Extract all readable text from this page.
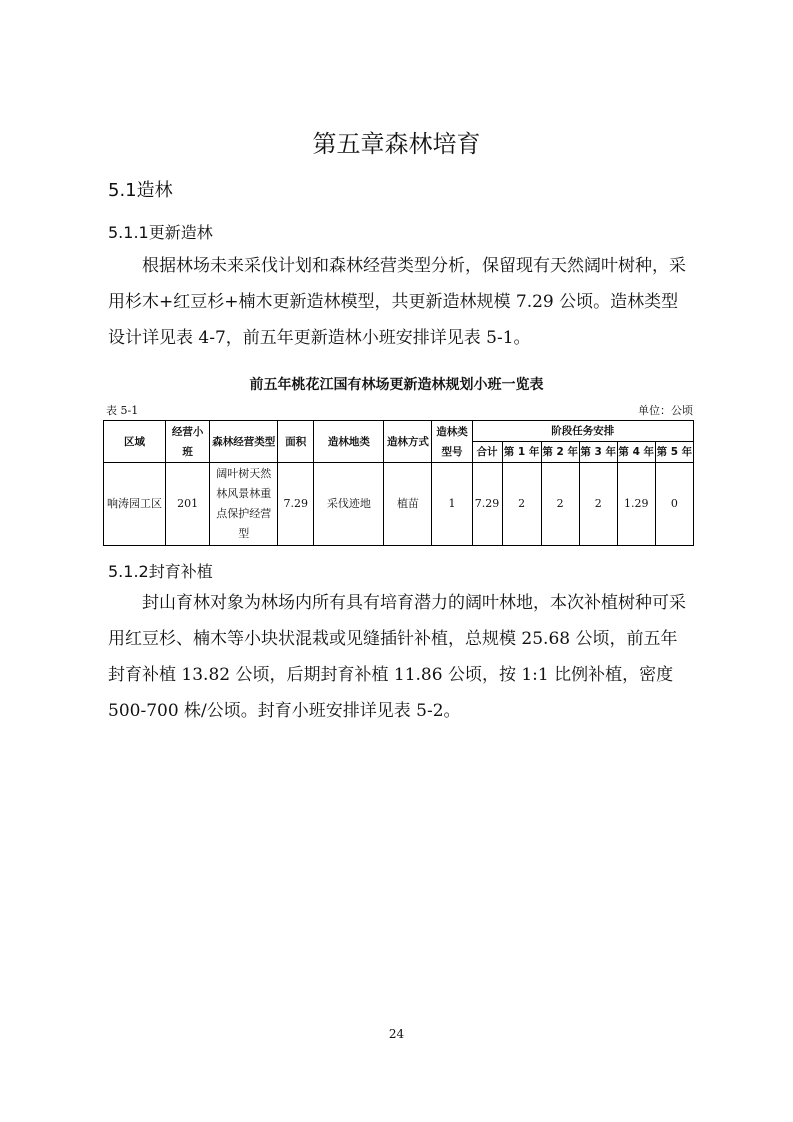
第五章森林培育
5.1造林
5.1.1更新造林

根据林场未来采伐计划和森林经营类型分析，保留现有天然阔叶树种，采用杉木+红豆杉+楠木更新造林模型，共更新造林规模 7.29 公顷。造林类型设计详见表 4-7，前五年更新造林小班安排详见表 5-1。

前五年桃花江国有林场更新造林规划小班一览表
表 5-1	单位：公顷
区域	经营小班	森林经营类型	面积	造林地类	造林方式	造林类型号	阶段任务安排					
							合计	第 1 年	第 2 年	第 3 年	第 4 年	第 5 年
响涛园工区	201	阔叶树天然林风景林重点保护经营型	7.29	采伐迹地	植苗	1	7.29	2	2	2	1.29	0
5.1.2封育补植

封山育林对象为林场内所有具有培育潜力的阔叶林地，本次补植树种可采用红豆杉、楠木等小块状混栽或见缝插针补植，总规模 25.68 公顷，前五年封育补植 13.82 公顷，后期封育补植 11.86 公顷，按 1:1 比例补植，密度 500-700 株/公顷。封育小班安排详见表 5-2。

24
